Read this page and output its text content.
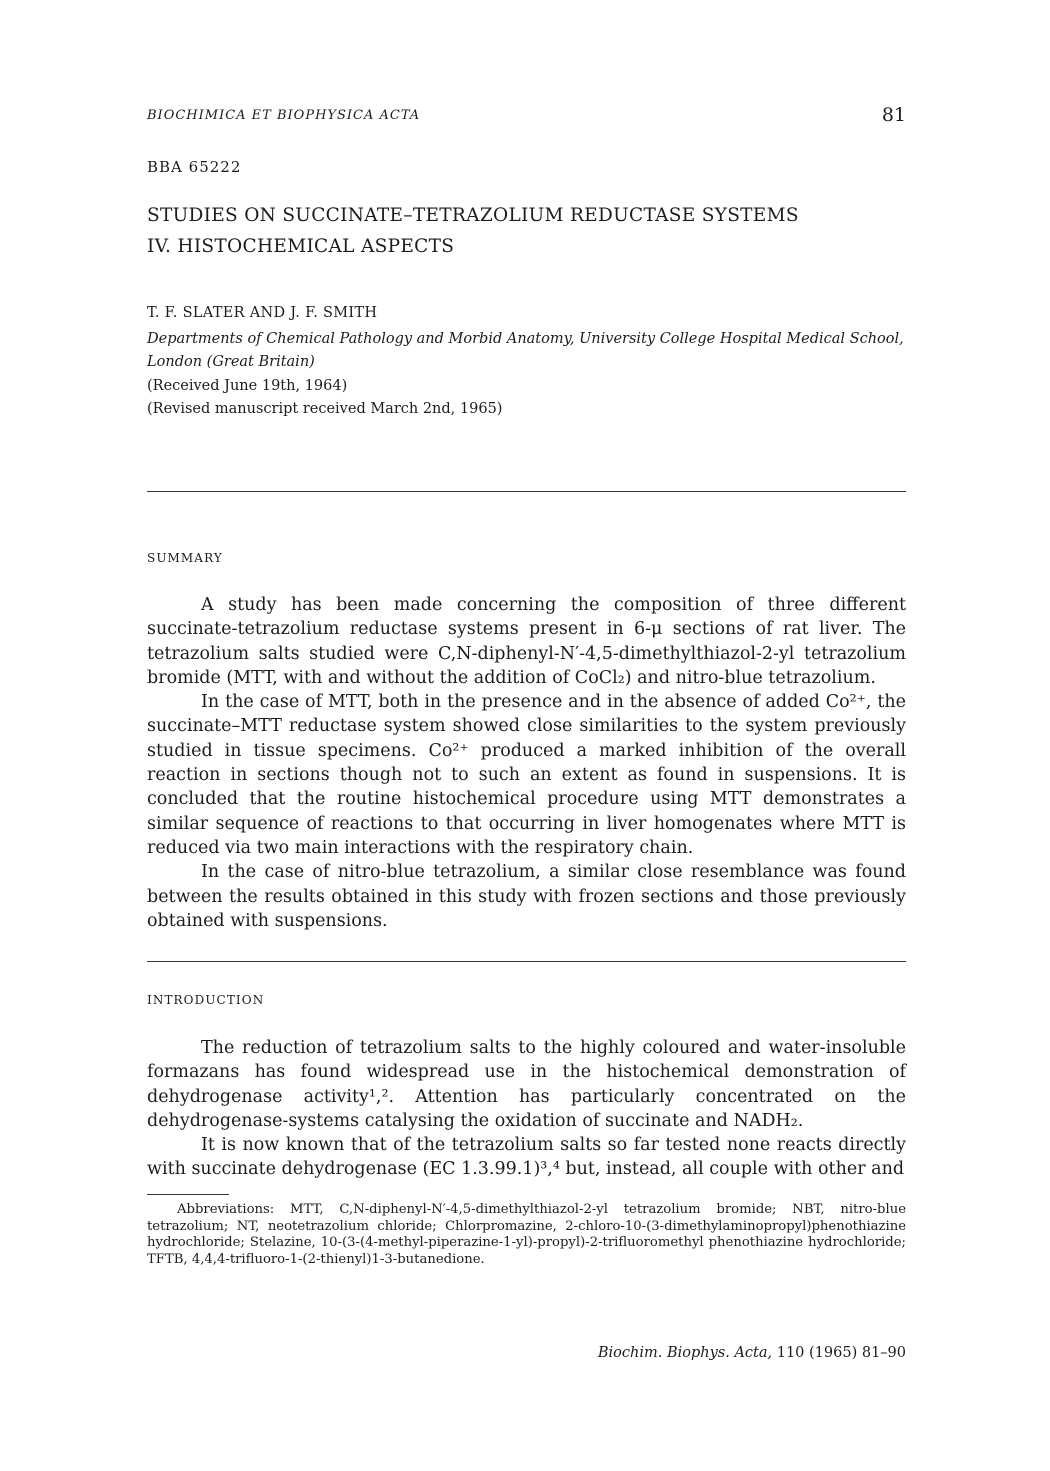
BIOCHIMICA ET BIOPHYSICA ACTA	81
BBA 65222
STUDIES ON SUCCINATE–TETRAZOLIUM REDUCTASE SYSTEMS
IV. HISTOCHEMICAL ASPECTS
T. F. SLATER AND J. F. SMITH
Departments of Chemical Pathology and Morbid Anatomy, University College Hospital Medical School, London (Great Britain)
(Received June 19th, 1964)
(Revised manuscript received March 2nd, 1965)
SUMMARY

A study has been made concerning the composition of three different succinate-tetrazolium reductase systems present in 6-μ sections of rat liver. The tetrazolium salts studied were C,N-diphenyl-N′-4,5-dimethylthiazol-2-yl tetrazolium bromide (MTT, with and without the addition of CoCl₂) and nitro-blue tetrazolium.

In the case of MTT, both in the presence and in the absence of added Co²⁺, the succinate–MTT reductase system showed close similarities to the system previously studied in tissue specimens. Co²⁺ produced a marked inhibition of the overall reaction in sections though not to such an extent as found in suspensions. It is concluded that the routine histochemical procedure using MTT demonstrates a similar sequence of reactions to that occurring in liver homogenates where MTT is reduced via two main interactions with the respiratory chain.

In the case of nitro-blue tetrazolium, a similar close resemblance was found between the results obtained in this study with frozen sections and those previously obtained with suspensions.

INTRODUCTION

The reduction of tetrazolium salts to the highly coloured and water-insoluble formazans has found widespread use in the histochemical demonstration of dehydrogenase activity¹,². Attention has particularly concentrated on the dehydrogenase-systems catalysing the oxidation of succinate and NADH₂.

It is now known that of the tetrazolium salts so far tested none reacts directly with succinate dehydrogenase (EC 1.3.99.1)³,⁴ but, instead, all couple with other and

Abbreviations: MTT, C,N-diphenyl-N′-4,5-dimethylthiazol-2-yl tetrazolium bromide; NBT, nitro-blue tetrazolium; NT, neotetrazolium chloride; Chlorpromazine, 2-chloro-10-(3-dimethylaminopropyl)phenothiazine hydrochloride; Stelazine, 10-(3-(4-methyl-piperazine-1-yl)-propyl)-2-trifluoromethyl phenothiazine hydrochloride; TFTB, 4,4,4-trifluoro-1-(2-thienyl)1-3-butanedione.
Biochim. Biophys. Acta, 110 (1965) 81–90
